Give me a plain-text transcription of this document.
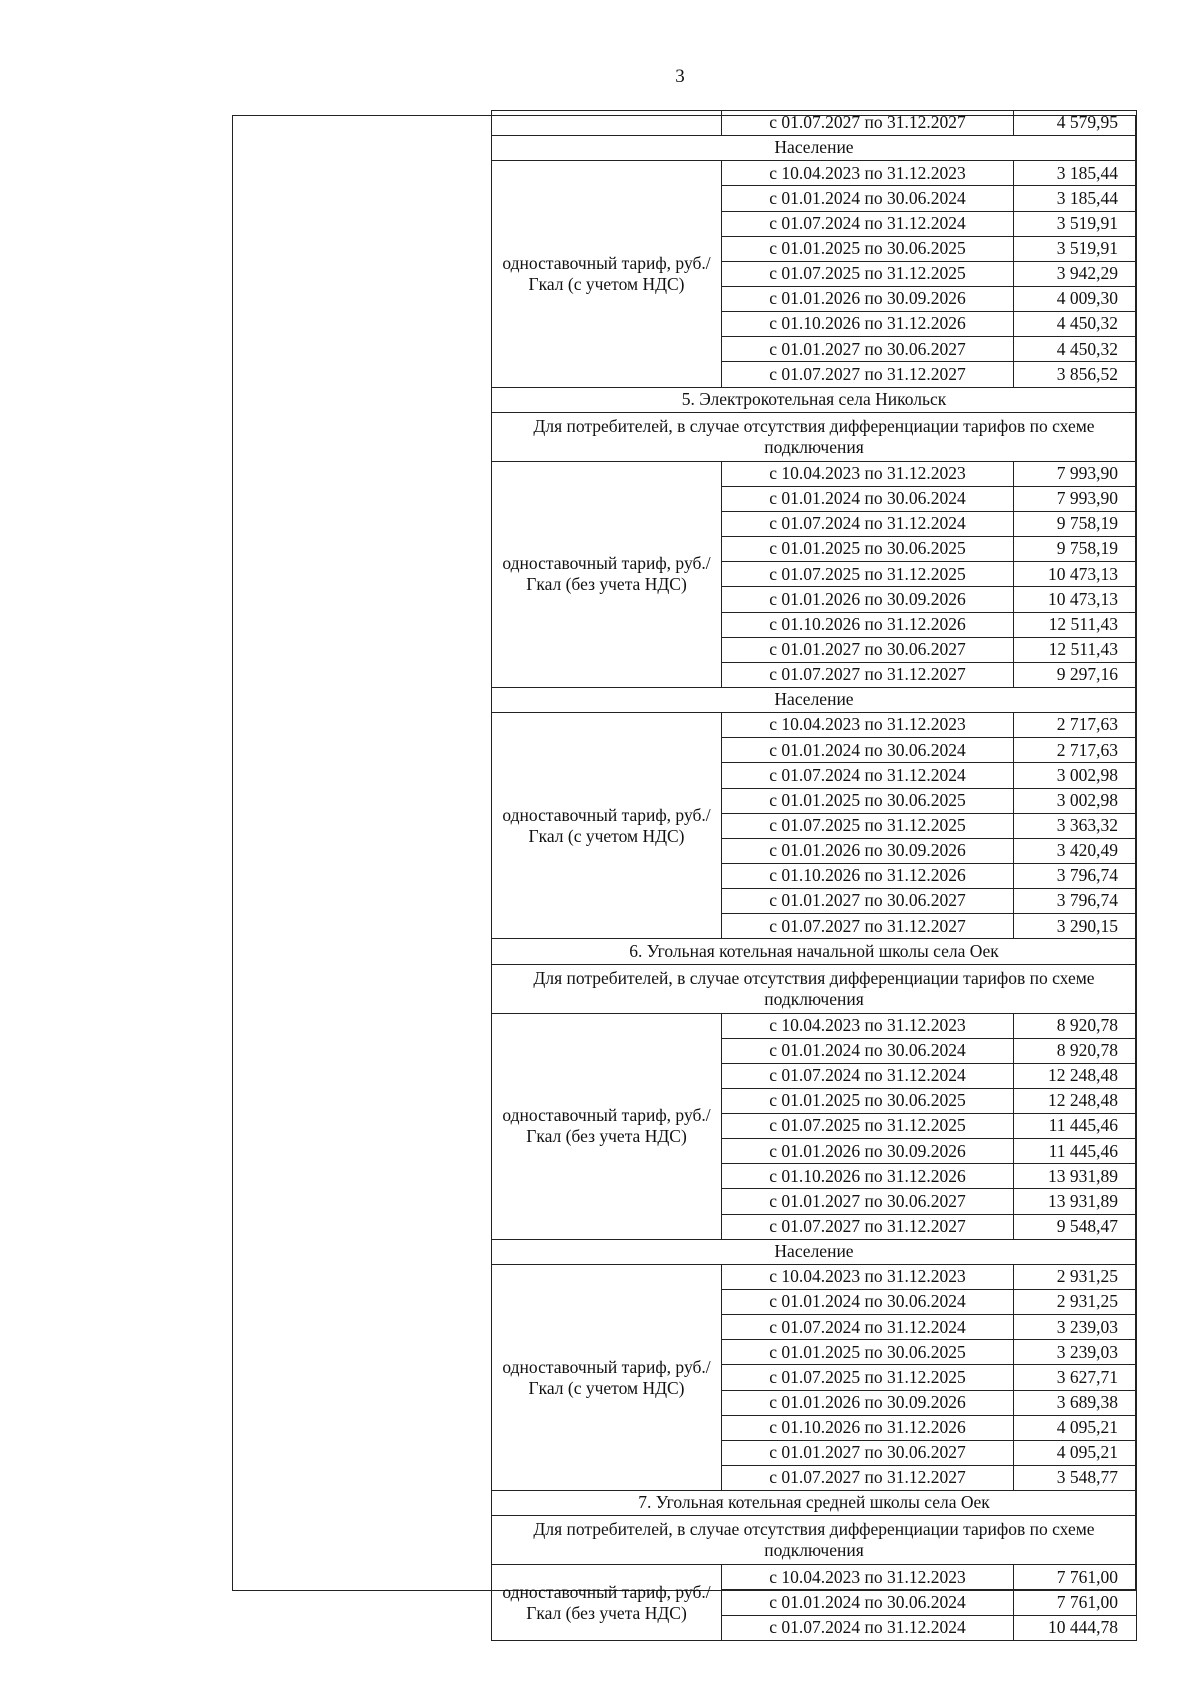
3
	с 01.07.2027 по 31.12.2027	4 579,95
Население		
одноставочный тариф, руб./Гкал (с учетом НДС)	с 10.04.2023 по 31.12.2023	3 185,44
	с 01.01.2024 по 30.06.2024	3 185,44
	с 01.07.2024 по 31.12.2024	3 519,91
	с 01.01.2025 по 30.06.2025	3 519,91
	с 01.07.2025 по 31.12.2025	3 942,29
	с 01.01.2026 по 30.09.2026	4 009,30
	с 01.10.2026 по 31.12.2026	4 450,32
	с 01.01.2027 по 30.06.2027	4 450,32
	с 01.07.2027 по 31.12.2027	3 856,52
5. Электрокотельная села Никольск		
Для потребителей, в случае отсутствия дифференциации тарифов по схеме подключения		
одноставочный тариф, руб./Гкал (без учета НДС)	с 10.04.2023 по 31.12.2023	7 993,90
	с 01.01.2024 по 30.06.2024	7 993,90
	с 01.07.2024 по 31.12.2024	9 758,19
	с 01.01.2025 по 30.06.2025	9 758,19
	с 01.07.2025 по 31.12.2025	10 473,13
	с 01.01.2026 по 30.09.2026	10 473,13
	с 01.10.2026 по 31.12.2026	12 511,43
	с 01.01.2027 по 30.06.2027	12 511,43
	с 01.07.2027 по 31.12.2027	9 297,16
Население		
одноставочный тариф, руб./Гкал (с учетом НДС)	с 10.04.2023 по 31.12.2023	2 717,63
	с 01.01.2024 по 30.06.2024	2 717,63
	с 01.07.2024 по 31.12.2024	3 002,98
	с 01.01.2025 по 30.06.2025	3 002,98
	с 01.07.2025 по 31.12.2025	3 363,32
	с 01.01.2026 по 30.09.2026	3 420,49
	с 01.10.2026 по 31.12.2026	3 796,74
	с 01.01.2027 по 30.06.2027	3 796,74
	с 01.07.2027 по 31.12.2027	3 290,15
6. Угольная котельная начальной школы села Оек		
Для потребителей, в случае отсутствия дифференциации тарифов по схеме подключения		
одноставочный тариф, руб./Гкал (без учета НДС)	с 10.04.2023 по 31.12.2023	8 920,78
	с 01.01.2024 по 30.06.2024	8 920,78
	с 01.07.2024 по 31.12.2024	12 248,48
	с 01.01.2025 по 30.06.2025	12 248,48
	с 01.07.2025 по 31.12.2025	11 445,46
	с 01.01.2026 по 30.09.2026	11 445,46
	с 01.10.2026 по 31.12.2026	13 931,89
	с 01.01.2027 по 30.06.2027	13 931,89
	с 01.07.2027 по 31.12.2027	9 548,47
Население		
одноставочный тариф, руб./Гкал (с учетом НДС)	с 10.04.2023 по 31.12.2023	2 931,25
	с 01.01.2024 по 30.06.2024	2 931,25
	с 01.07.2024 по 31.12.2024	3 239,03
	с 01.01.2025 по 30.06.2025	3 239,03
	с 01.07.2025 по 31.12.2025	3 627,71
	с 01.01.2026 по 30.09.2026	3 689,38
	с 01.10.2026 по 31.12.2026	4 095,21
	с 01.01.2027 по 30.06.2027	4 095,21
	с 01.07.2027 по 31.12.2027	3 548,77
7. Угольная котельная средней школы села Оек		
Для потребителей, в случае отсутствия дифференциации тарифов по схеме подключения		
одноставочный тариф, руб./Гкал (без учета НДС)	с 10.04.2023 по 31.12.2023	7 761,00
	с 01.01.2024 по 30.06.2024	7 761,00
	с 01.07.2024 по 31.12.2024	10 444,78
